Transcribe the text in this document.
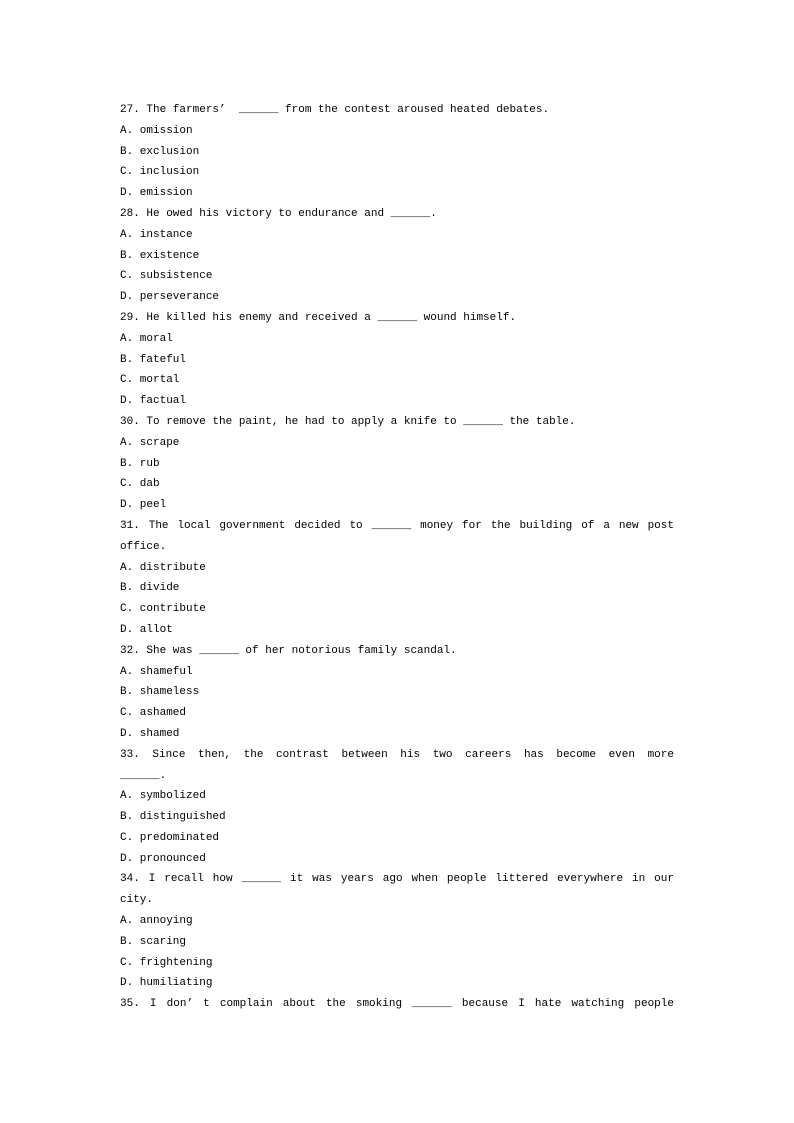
27. The farmers’  ______ from the contest aroused heated debates.
A. omission
B. exclusion
C. inclusion
D. emission
28. He owed his victory to endurance and ______.
A. instance
B. existence
C. subsistence
D. perseverance
29. He killed his enemy and received a ______ wound himself.
A. moral
B. fateful
C. mortal
D. factual
30. To remove the paint, he had to apply a knife to ______ the table.
A. scrape
B. rub
C. dab
D. peel
31. The local government decided to ______ money for the building of a new post
office.
A. distribute
B. divide
C. contribute
D. allot
32. She was ______ of her notorious family scandal.
A. shameful
B. shameless
C. ashamed
D. shamed
33. Since then, the contrast between his two careers has become even more
______.
A. symbolized
B. distinguished
C. predominated
D. pronounced
34. I recall how ______ it was years ago when people littered everywhere in our
city.
A. annoying
B. scaring
C. frightening
D. humiliating
35. I don’ t complain about the smoking ______ because I hate watching people
